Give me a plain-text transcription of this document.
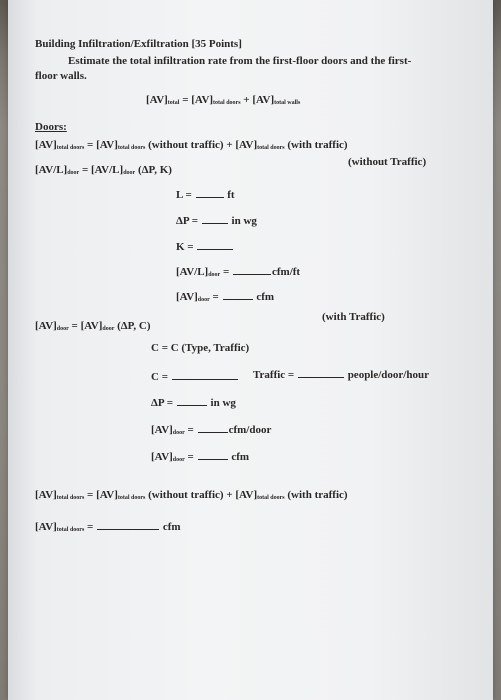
Building Infiltration/Exfiltration [35 Points]
Estimate the total infiltration rate from the first-floor doors and the first-
floor walls.
[AV]total = [AV]total doors + [AV]total walls
Doors:
[AV]total doors = [AV]total doors (without traffic) + [AV]total doors (with traffic)
[AV/L]door = [AV/L]door (ΔP, K)
(without Traffic)
L =	ft
ΔP =	in wg
K =
[AV/L]door =	cfm/ft
[AV]door =	cfm
[AV]door = [AV]door (ΔP, C)
(with Traffic)
C = C (Type, Traffic)
C =	Traffic =	people/door/hour
ΔP =	in wg
[AV]door =	cfm/door
[AV]door =	cfm
[AV]total doors = [AV]total doors (without traffic) + [AV]total doors (with traffic)
[AV]total doors =	cfm
